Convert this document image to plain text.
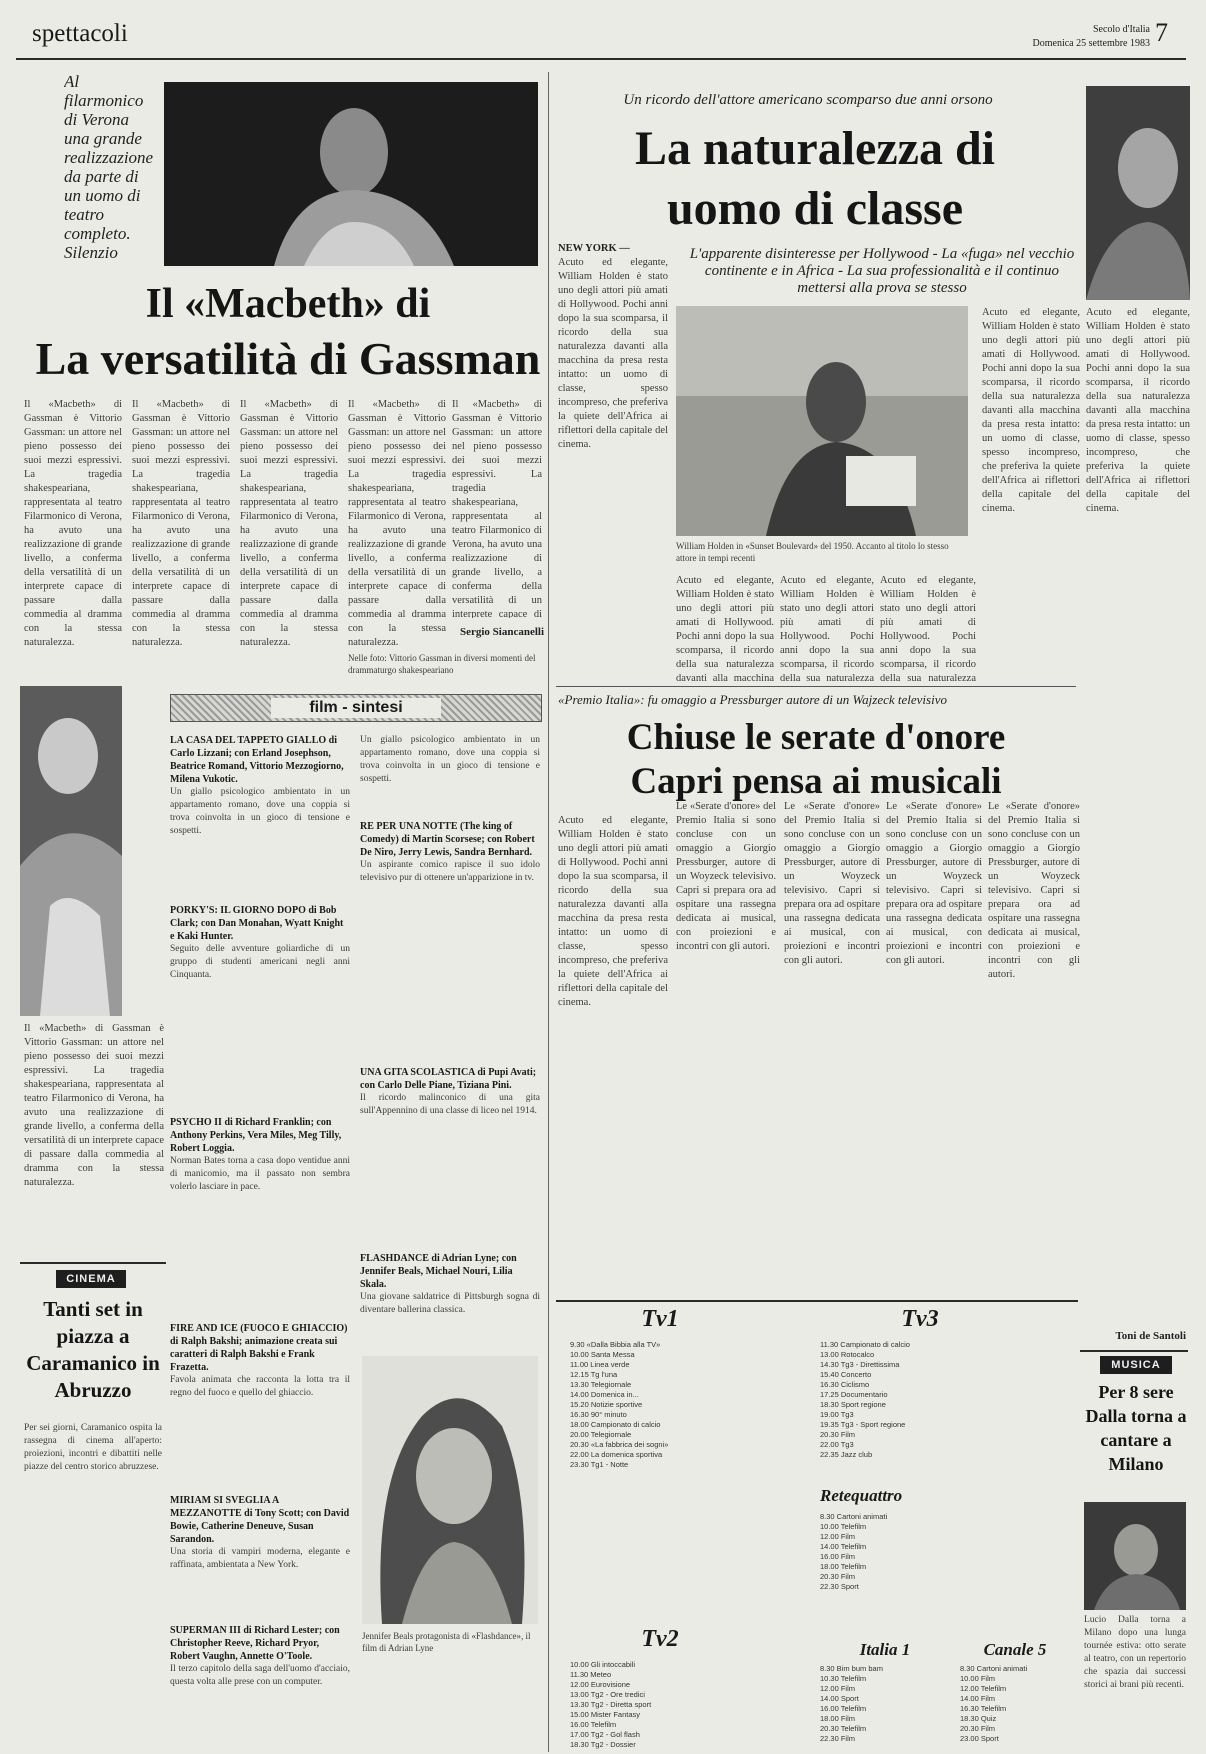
spettacoli	Secolo d'Italia
Domenica 25 settembre 1983 7
Al filarmonico di Verona una grande realizzazione da parte di un uomo di teatro completo. Silenzio
Il «Macbeth» di
La versatilità di Gassman
Il «Macbeth» di Gassman è Vittorio Gassman: un attore nel pieno possesso dei suoi mezzi espressivi. La tragedia shakespeariana, rappresentata al teatro Filarmonico di Verona, ha avuto una realizzazione di grande livello, a conferma della versatilità di un interprete capace di passare dalla commedia al dramma con la stessa naturalezza.
Il «Macbeth» di Gassman è Vittorio Gassman: un attore nel pieno possesso dei suoi mezzi espressivi. La tragedia shakespeariana, rappresentata al teatro Filarmonico di Verona, ha avuto una realizzazione di grande livello, a conferma della versatilità di un interprete capace di passare dalla commedia al dramma con la stessa naturalezza.
Il «Macbeth» di Gassman è Vittorio Gassman: un attore nel pieno possesso dei suoi mezzi espressivi. La tragedia shakespeariana, rappresentata al teatro Filarmonico di Verona, ha avuto una realizzazione di grande livello, a conferma della versatilità di un interprete capace di passare dalla commedia al dramma con la stessa naturalezza.
Il «Macbeth» di Gassman è Vittorio Gassman: un attore nel pieno possesso dei suoi mezzi espressivi. La tragedia shakespeariana, rappresentata al teatro Filarmonico di Verona, ha avuto una realizzazione di grande livello, a conferma della versatilità di un interprete capace di passare dalla commedia al dramma con la stessa naturalezza.
Il «Macbeth» di Gassman è Vittorio Gassman: un attore nel pieno possesso dei suoi mezzi espressivi. La tragedia shakespeariana, rappresentata al teatro Filarmonico di Verona, ha avuto una realizzazione di grande livello, a conferma della versatilità di un interprete capace di
Sergio Siancanelli
Nelle foto: Vittorio Gassman in diversi momenti del drammaturgo shakespeariano
Il «Macbeth» di Gassman è Vittorio Gassman: un attore nel pieno possesso dei suoi mezzi espressivi. La tragedia shakespeariana, rappresentata al teatro Filarmonico di Verona, ha avuto una realizzazione di grande livello, a conferma della versatilità di un interprete capace di passare dalla commedia al dramma con la stessa naturalezza.
CINEMA
Tanti set in piazza a Caramanico in Abruzzo
Per sei giorni, Caramanico ospita la rassegna di cinema all'aperto: proiezioni, incontri e dibattiti nelle piazze del centro storico abruzzese.
film - sintesi
LA CASA DEL TAPPETO GIALLO di Carlo Lizzani; con Erland Josephson, Beatrice Romand, Vittorio Mezzogiorno, Milena Vukotic.
Un giallo psicologico ambientato in un appartamento romano, dove una coppia si trova coinvolta in un gioco di tensione e sospetti.
PORKY'S: IL GIORNO DOPO di Bob Clark; con Dan Monahan, Wyatt Knight e Kaki Hunter.
Seguito delle avventure goliardiche di un gruppo di studenti americani negli anni Cinquanta.
PSYCHO II di Richard Franklin; con Anthony Perkins, Vera Miles, Meg Tilly, Robert Loggia.
Norman Bates torna a casa dopo ventidue anni di manicomio, ma il passato non sembra volerlo lasciare in pace.
FIRE AND ICE (FUOCO E GHIACCIO) di Ralph Bakshi; animazione creata sui caratteri di Ralph Bakshi e Frank Frazetta.
Favola animata che racconta la lotta tra il regno del fuoco e quello del ghiaccio.
MIRIAM SI SVEGLIA A MEZZANOTTE di Tony Scott; con David Bowie, Catherine Deneuve, Susan Sarandon.
Una storia di vampiri moderna, elegante e raffinata, ambientata a New York.
SUPERMAN III di Richard Lester; con Christopher Reeve, Richard Pryor, Robert Vaughn, Annette O'Toole.
Il terzo capitolo della saga dell'uomo d'acciaio, questa volta alle prese con un computer.
Un giallo psicologico ambientato in un appartamento romano, dove una coppia si trova coinvolta in un gioco di tensione e sospetti.
RE PER UNA NOTTE (The king of Comedy) di Martin Scorsese; con Robert De Niro, Jerry Lewis, Sandra Bernhard.
Un aspirante comico rapisce il suo idolo televisivo pur di ottenere un'apparizione in tv.
UNA GITA SCOLASTICA di Pupi Avati; con Carlo Delle Piane, Tiziana Pini.
Il ricordo malinconico di una gita sull'Appennino di una classe di liceo nel 1914.
FLASHDANCE di Adrian Lyne; con Jennifer Beals, Michael Nouri, Lilia Skala.
Una giovane saldatrice di Pittsburgh sogna di diventare ballerina classica.
Jennifer Beals protagonista di «Flashdance», il film di Adrian Lyne
Un ricordo dell'attore americano scomparso due anni orsono
La naturalezza di
uomo di classe
NEW YORK —
Acuto ed elegante, William Holden è stato uno degli attori più amati di Hollywood. Pochi anni dopo la sua scomparsa, il ricordo della sua naturalezza davanti alla macchina da presa resta intatto: un uomo di classe, spesso incompreso, che preferiva la quiete dell'Africa ai riflettori della capitale del cinema.
L'apparente disinteresse per Hollywood - La «fuga» nel vecchio continente e in Africa - La sua professionalità e il continuo mettersi alla prova se stesso
William Holden in «Sunset Boulevard» del 1950. Accanto al titolo lo stesso attore in tempi recenti
Acuto ed elegante, William Holden è stato uno degli attori più amati di Hollywood. Pochi anni dopo la sua scomparsa, il ricordo della sua naturalezza davanti alla macchina
Acuto ed elegante, William Holden è stato uno degli attori più amati di Hollywood. Pochi anni dopo la sua scomparsa, il ricordo della sua naturalezza
Acuto ed elegante, William Holden è stato uno degli attori più amati di Hollywood. Pochi anni dopo la sua scomparsa, il ricordo della sua naturalezza
Acuto ed elegante, William Holden è stato uno degli attori più amati di Hollywood. Pochi anni dopo la sua scomparsa, il ricordo della sua naturalezza davanti alla macchina da presa resta intatto: un uomo di classe, spesso incompreso, che preferiva la quiete dell'Africa ai riflettori della capitale del cinema.
Acuto ed elegante, William Holden è stato uno degli attori più amati di Hollywood. Pochi anni dopo la sua scomparsa, il ricordo della sua naturalezza davanti alla macchina da presa resta intatto: un uomo di classe, spesso incompreso, che preferiva la quiete dell'Africa ai riflettori della capitale del cinema.
Toni de Santoli
«Premio Italia»: fu omaggio a Pressburger autore di un Wajzeck televisivo
Chiuse le serate d'onore
Capri pensa ai musicali
Acuto ed elegante, William Holden è stato uno degli attori più amati di Hollywood. Pochi anni dopo la sua scomparsa, il ricordo della sua naturalezza davanti alla macchina da presa resta intatto: un uomo di classe, spesso incompreso, che preferiva la quiete dell'Africa ai riflettori della capitale del cinema.
Le «Serate d'onore» del Premio Italia si sono concluse con un omaggio a Giorgio Pressburger, autore di un Woyzeck televisivo. Capri si prepara ora ad ospitare una rassegna dedicata ai musical, con proiezioni e incontri con gli autori.
Le «Serate d'onore» del Premio Italia si sono concluse con un omaggio a Giorgio Pressburger, autore di un Woyzeck televisivo. Capri si prepara ora ad ospitare una rassegna dedicata ai musical, con proiezioni e incontri con gli autori.
Le «Serate d'onore» del Premio Italia si sono concluse con un omaggio a Giorgio Pressburger, autore di un Woyzeck televisivo. Capri si prepara ora ad ospitare una rassegna dedicata ai musical, con proiezioni e incontri con gli autori.
Le «Serate d'onore» del Premio Italia si sono concluse con un omaggio a Giorgio Pressburger, autore di un Woyzeck televisivo. Capri si prepara ora ad ospitare una rassegna dedicata ai musical, con proiezioni e incontri con gli autori.
MUSICA
Per 8 sere Dalla torna a cantare a Milano
Lucio Dalla torna a Milano dopo una lunga tournée estiva: otto serate al teatro, con un repertorio che spazia dai successi storici ai brani più recenti.
Tv1
9.30 «Dalla Bibbia alla TV»
10.00 Santa Messa
11.00 Linea verde
12.15 Tg l'una
13.30 Telegiornale
14.00 Domenica in...
15.20 Notizie sportive
16.30 90° minuto
18.00 Campionato di calcio
20.00 Telegiornale
20.30 «La fabbrica dei sogni»
22.00 La domenica sportiva
23.30 Tg1 - Notte
Tv3
11.30 Campionato di calcio
13.00 Rotocalco
14.30 Tg3 - Direttissima
15.40 Concerto
16.30 Ciclismo
17.25 Documentario
18.30 Sport regione
19.00 Tg3
19.35 Tg3 - Sport regione
20.30 Film
22.00 Tg3
22.35 Jazz club
Retequattro
8.30 Cartoni animati
10.00 Telefilm
12.00 Film
14.00 Telefilm
16.00 Film
18.00 Telefilm
20.30 Film
22.30 Sport
Tv2
10.00 Gli intoccabili
11.30 Meteo
12.00 Eurovisione
13.00 Tg2 - Ore tredici
13.30 Tg2 - Diretta sport
15.00 Mister Fantasy
16.00 Telefilm
17.00 Tg2 - Gol flash
18.30 Tg2 - Dossier
Canale 5
8.30 Cartoni animati
10.00 Film
12.00 Telefilm
14.00 Film
16.30 Telefilm
18.30 Quiz
20.30 Film
23.00 Sport
Italia 1
8.30 Bim bum bam
10.30 Telefilm
12.00 Film
14.00 Sport
16.00 Telefilm
18.00 Film
20.30 Telefilm
22.30 Film
